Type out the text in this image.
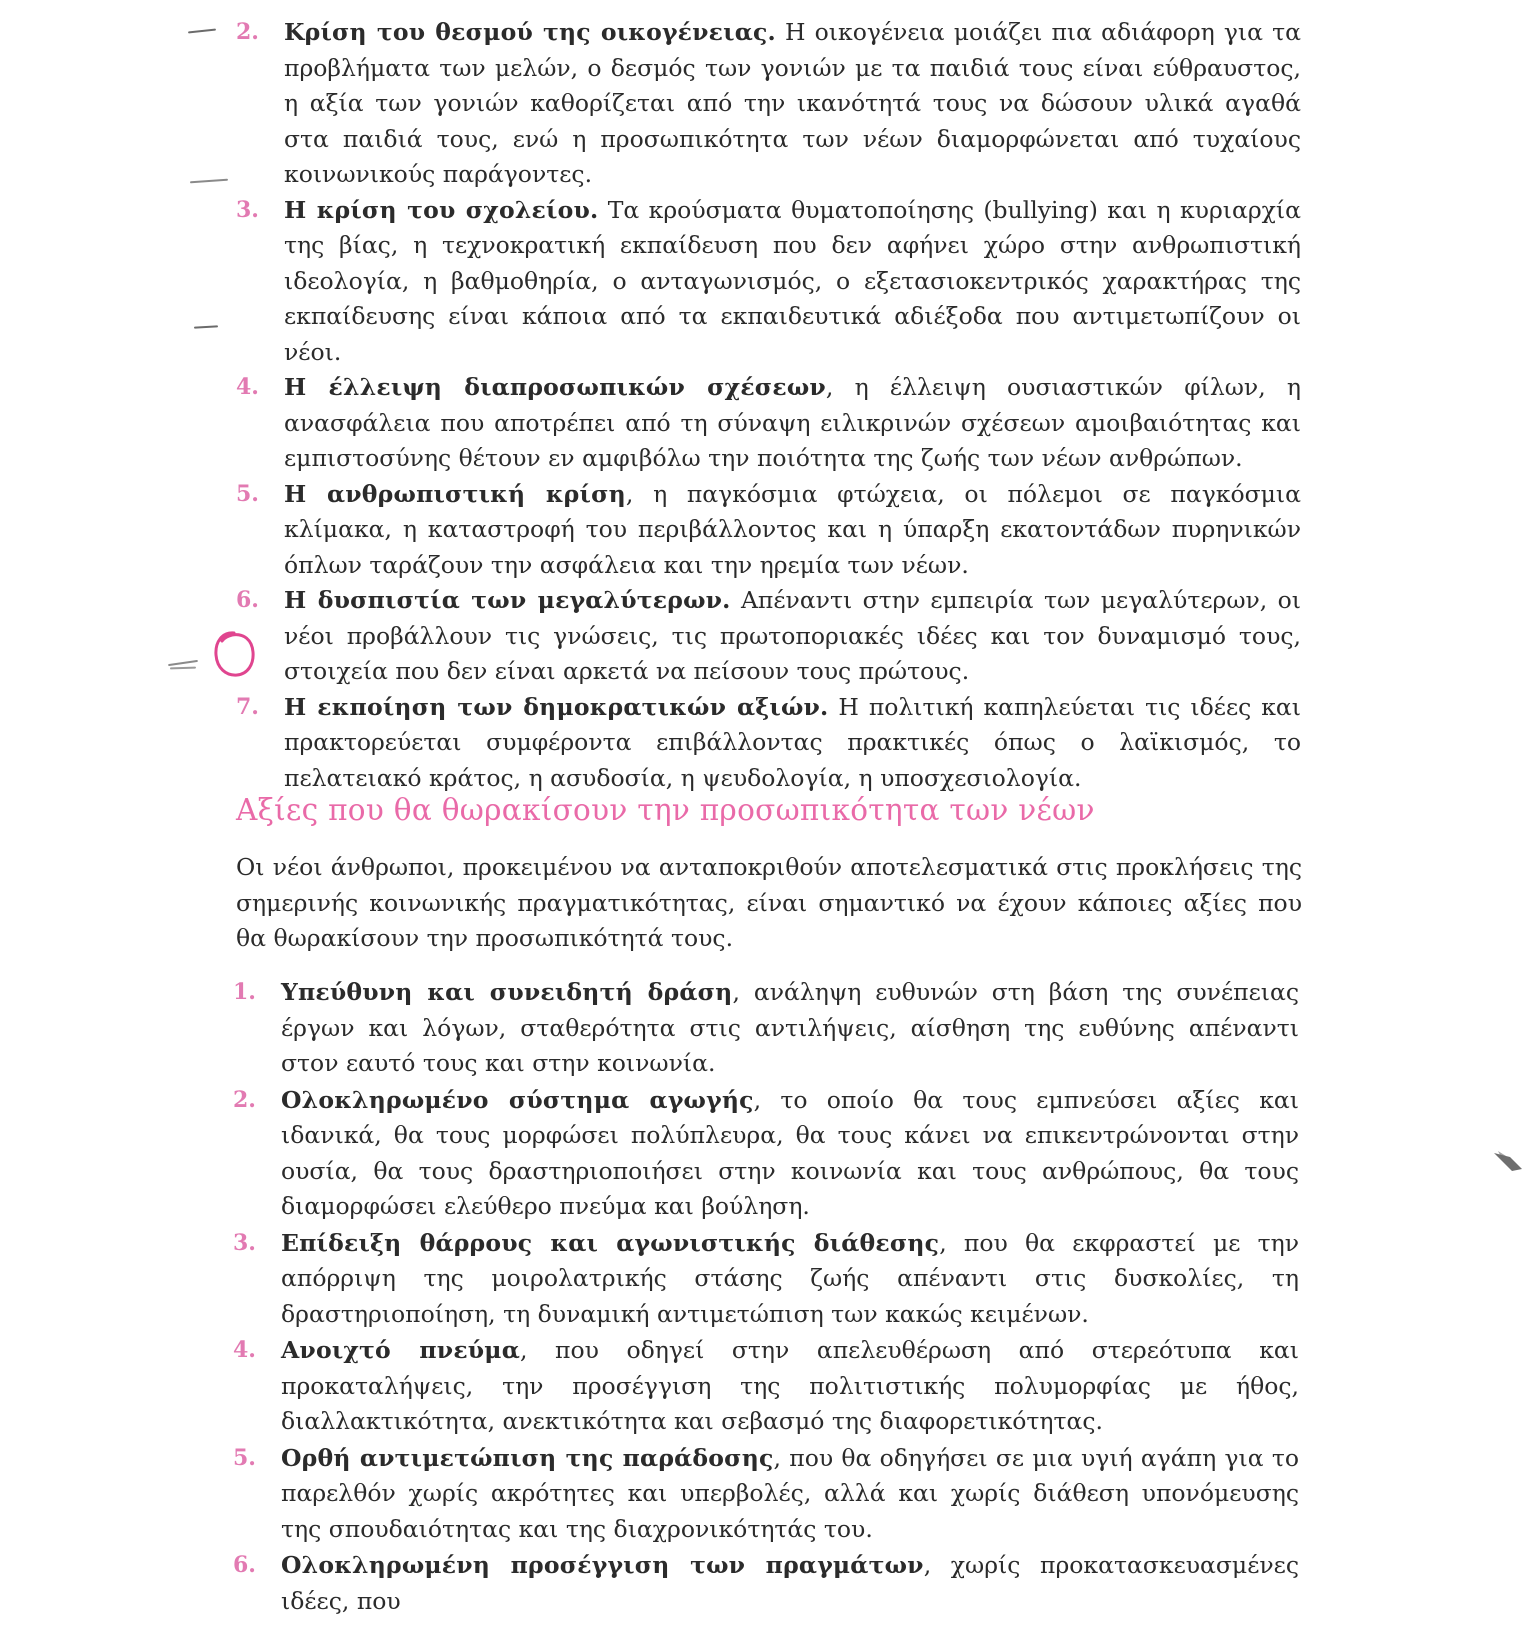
2.	Κρίση του θεσμού της οικογένειας. Η οικογένεια μοιάζει πια αδιάφορη για τα προβλήματα των μελών, ο δεσμός των γονιών με τα παιδιά τους είναι εύθραυστος, η αξία των γονιών καθορίζεται από την ικανότητά τους να δώσουν υλικά αγαθά στα παιδιά τους, ενώ η προσωπικότητα των νέων διαμορφώνεται από τυχαίους κοινωνικούς παράγοντες.
3.	Η κρίση του σχολείου. Τα κρούσματα θυματοποίησης (bullying) και η κυριαρχία της βίας, η τεχνοκρατική εκπαίδευση που δεν αφήνει χώρο στην ανθρωπιστική ιδεολογία, η βαθμοθηρία, ο ανταγωνισμός, ο εξετασιοκεντρικός χαρακτήρας της εκπαίδευσης είναι κάποια από τα εκπαιδευτικά αδιέξοδα που αντιμετωπίζουν οι νέοι.
4.	Η έλλειψη διαπροσωπικών σχέσεων, η έλλειψη ουσιαστικών φίλων, η ανασφάλεια που αποτρέπει από τη σύναψη ειλικρινών σχέσεων αμοιβαιότητας και εμπιστοσύνης θέτουν εν αμφιβόλω την ποιότητα της ζωής των νέων ανθρώπων.
5.	Η ανθρωπιστική κρίση, η παγκόσμια φτώχεια, οι πόλεμοι σε παγκόσμια κλίμακα, η καταστροφή του περιβάλλοντος και η ύπαρξη εκατοντάδων πυρηνικών όπλων ταράζουν την ασφάλεια και την ηρεμία των νέων.
6.	Η δυσπιστία των μεγαλύτερων. Απέναντι στην εμπειρία των μεγαλύτερων, οι νέοι προβάλλουν τις γνώσεις, τις πρωτοποριακές ιδέες και τον δυναμισμό τους, στοιχεία που δεν είναι αρκετά να πείσουν τους πρώτους.
7.	Η εκποίηση των δημοκρατικών αξιών. Η πολιτική καπηλεύεται τις ιδέες και πρακτορεύεται συμφέροντα επιβάλλοντας πρακτικές όπως ο λαϊκισμός, το πελατειακό κράτος, η ασυδοσία, η ψευδολογία, η υποσχεσιολογία.
Αξίες που θα θωρακίσουν την προσωπικότητα των νέων

Οι νέοι άνθρωποι, προκειμένου να ανταποκριθούν αποτελεσματικά στις προκλήσεις της σημερινής κοινωνικής πραγματικότητας, είναι σημαντικό να έχουν κάποιες αξίες που θα θωρακίσουν την προσωπικότητά τους.

1.	Υπεύθυνη και συνειδητή δράση, ανάληψη ευθυνών στη βάση της συνέπειας έργων και λόγων, σταθερότητα στις αντιλήψεις, αίσθηση της ευθύνης απέναντι στον εαυτό τους και στην κοινωνία.
2.	Ολοκληρωμένο σύστημα αγωγής, το οποίο θα τους εμπνεύσει αξίες και ιδανικά, θα τους μορφώσει πολύπλευρα, θα τους κάνει να επικεντρώνονται στην ουσία, θα τους δραστηριοποιήσει στην κοινωνία και τους ανθρώπους, θα τους διαμορφώσει ελεύθερο πνεύμα και βούληση.
3.	Επίδειξη θάρρους και αγωνιστικής διάθεσης, που θα εκφραστεί με την απόρριψη της μοιρολατρικής στάσης ζωής απέναντι στις δυσκολίες, τη δραστηριοποίηση, τη δυναμική αντιμετώπιση των κακώς κειμένων.
4.	Ανοιχτό πνεύμα, που οδηγεί στην απελευθέρωση από στερεότυπα και προκαταλήψεις, την προσέγγιση της πολιτιστικής πολυμορφίας με ήθος, διαλλακτικότητα, ανεκτικότητα και σεβασμό της διαφορετικότητας.
5.	Ορθή αντιμετώπιση της παράδοσης, που θα οδηγήσει σε μια υγιή αγάπη για το παρελθόν χωρίς ακρότητες και υπερβολές, αλλά και χωρίς διάθεση υπονόμευσης της σπουδαιότητας και της διαχρονικότητάς του.
6.	Ολοκληρωμένη προσέγγιση των πραγμάτων, χωρίς προκατασκευασμένες ιδέες, που
